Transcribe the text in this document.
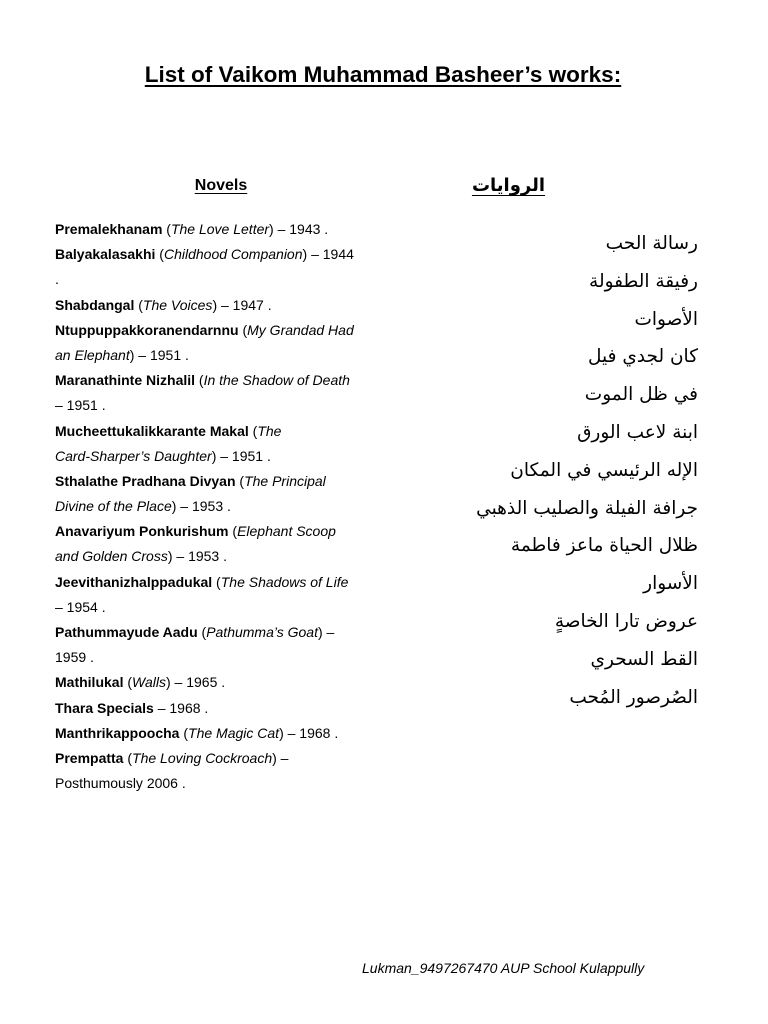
List of Vaikom Muhammad Basheer’s works:
Novels	الروايات
Premalekhanam (The Love Letter) – 1943 .
Balyakalasakhi (Childhood Companion) – 1944
.
Shabdangal (The Voices) – 1947 .
Ntuppuppakkoranendarnnu (My Grandad Had
an Elephant) – 1951 .
Maranathinte Nizhalil (In the Shadow of Death
– 1951 .
Mucheettukalikkarante Makal (The
Card-Sharper’s Daughter) – 1951 .
Sthalathe Pradhana Divyan (The Principal
Divine of the Place) – 1953 .
Anavariyum Ponkurishum (Elephant Scoop
and Golden Cross) – 1953 .
Jeevithanizhalppadukal (The Shadows of Life
– 1954 .
Pathummayude Aadu (Pathumma’s Goat) –
1959 .
Mathilukal (Walls) – 1965 .
Thara Specials – 1968 .
Manthrikappoocha (The Magic Cat) – 1968 .
Prempatta (The Loving Cockroach) –
Posthumously 2006 .
رسالة الحب
رفيقة الطفولة
الأصوات
كان لجدي فيل
في ظل الموت
ابنة لاعب الورق
الإله الرئيسي في المكان
جرافة الفيلة والصليب الذهبي
ظلال الحياة ماعز فاطمة
الأسوار
عروض تارا الخاصةٍ
القط السحري
الصُرصور المُحب
Lukman_9497267470 AUP School Kulappully
